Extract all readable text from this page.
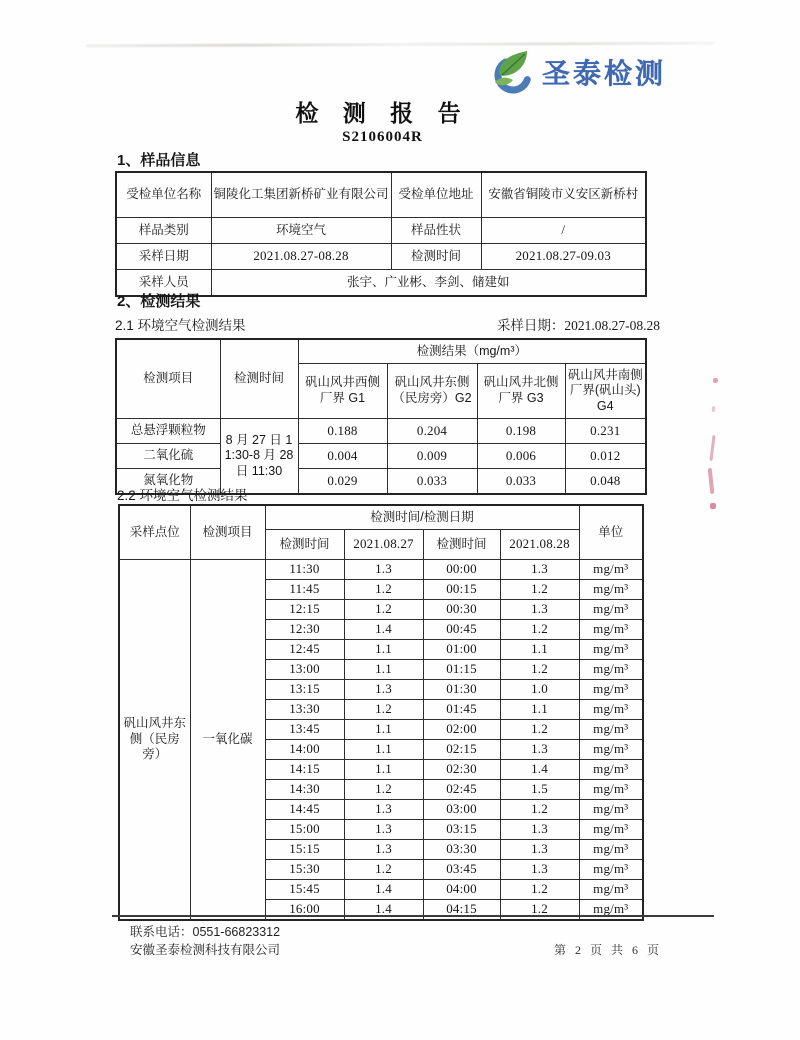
圣泰检测
检 测 报 告
S2106004R
1、样品信息
受检单位名称	铜陵化工集团新桥矿业有限公司	受检单位地址	安徽省铜陵市义安区新桥村
样品类别	环境空气	样品性状	/
采样日期	2021.08.27-08.28	检测时间	2021.08.27-09.03
采样人员	张宇、广业彬、李剑、储建如		
2、检测结果
2.1 环境空气检测结果	采样日期：2021.08.27-08.28
检测项目	检测时间	检测结果（mg/m³）			
		矾山风井西侧厂界 G1	矾山风井东侧（民房旁）G2	矾山风井北侧厂界 G3	矾山风井南侧厂界(矾山头) G4
总悬浮颗粒物	8 月 27 日 11:30-8 月 28 日 11:30	0.188	0.204	0.198	0.231
二氧化硫		0.004	0.009	0.006	0.012
氮氧化物		0.029	0.033	0.033	0.048
2.2 环境空气检测结果
采样点位	检测项目	检测时间/检测日期				单位
		检测时间	2021.08.27	检测时间	2021.08.28	
矾山风井东侧（民房旁）	一氧化碳	11:30	1.3	00:00	1.3	mg/m³
		11:45	1.2	00:15	1.2	mg/m³
		12:15	1.2	00:30	1.3	mg/m³
		12:30	1.4	00:45	1.2	mg/m³
		12:45	1.1	01:00	1.1	mg/m³
		13:00	1.1	01:15	1.2	mg/m³
		13:15	1.3	01:30	1.0	mg/m³
		13:30	1.2	01:45	1.1	mg/m³
		13:45	1.1	02:00	1.2	mg/m³
		14:00	1.1	02:15	1.3	mg/m³
		14:15	1.1	02:30	1.4	mg/m³
		14:30	1.2	02:45	1.5	mg/m³
		14:45	1.3	03:00	1.2	mg/m³
		15:00	1.3	03:15	1.3	mg/m³
		15:15	1.3	03:30	1.3	mg/m³
		15:30	1.2	03:45	1.3	mg/m³
		15:45	1.4	04:00	1.2	mg/m³
		16:00	1.4	04:15	1.2	mg/m³
联系电话：0551-66823312
安徽圣泰检测科技有限公司	第 2 页 共 6 页
